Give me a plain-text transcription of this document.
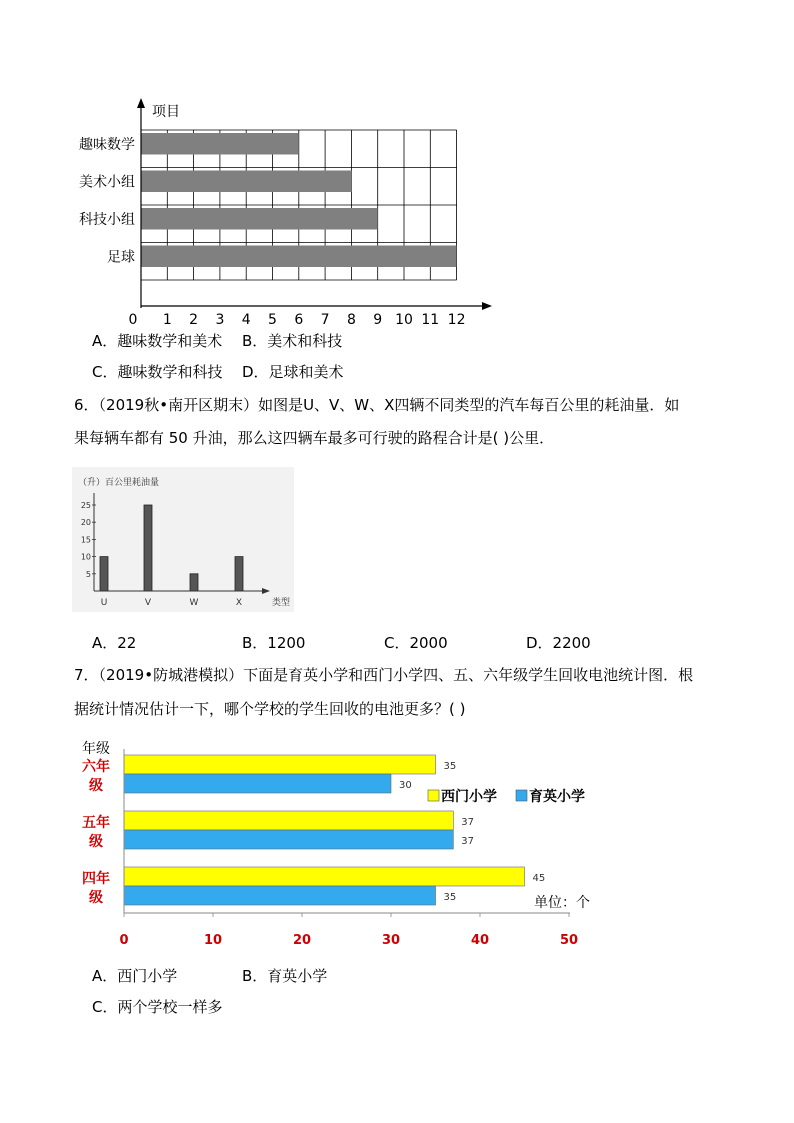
趣味数学
美术小组
科技小组
足球
0 1 2 3 4 5 6 7 8 9 10 11 12
项目
A．趣味数学和美术 B．美术和科技
C．趣味数学和科技 D．足球和美术
6．（2019秋•南开区期末）如图是U、V、W、X四辆不同类型的汽车每百公里的耗油量．如
果每辆车都有 50 升油，那么这四辆车最多可行驶的路程合计是( )公里．
（升）百公里耗油量
5
10
15
20
25
U	V	W	X	类型
A．22	B．1200	C．2000	D．2200
7．（2019•防城港模拟）下面是育英小学和西门小学四、五、六年级学生回收电池统计图．根
据统计情况估计一下，哪个学校的学生回收的电池更多？( )
年级
35
30
37
37
45
35
六年
级
五年
级
四年
级
0	10	20	30	40	50
西门小学 育英小学
单位：个
A．西门小学	B．育英小学
C．两个学校一样多
